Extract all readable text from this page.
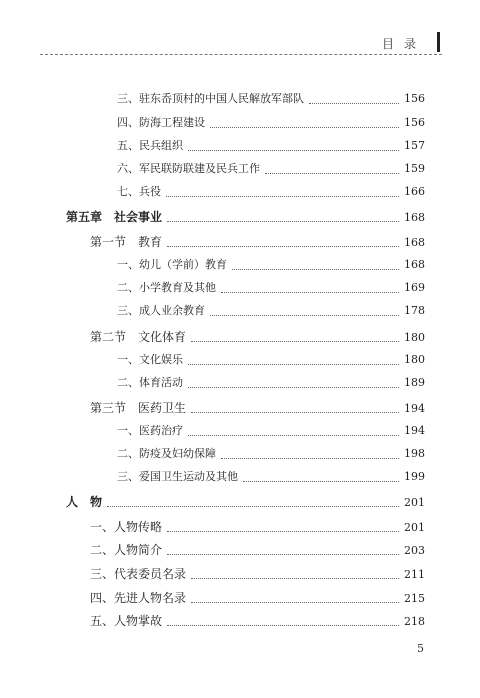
目录
三、驻东岙顶村的中国人民解放军部队	156
四、防海工程建设	156
五、民兵组织	157
六、军民联防联建及民兵工作	159
七、兵役	166
第五章　社会事业	168
第一节　教育	168
一、幼儿（学前）教育	168
二、小学教育及其他	169
三、成人业余教育	178
第二节　文化体育	180
一、文化娱乐	180
二、体育活动	189
第三节　医药卫生	194
一、医药治疗	194
二、防疫及妇幼保障	198
三、爱国卫生运动及其他	199
人　物	201
一、人物传略	201
二、人物简介	203
三、代表委员名录	211
四、先进人物名录	215
五、人物掌故	218
5
